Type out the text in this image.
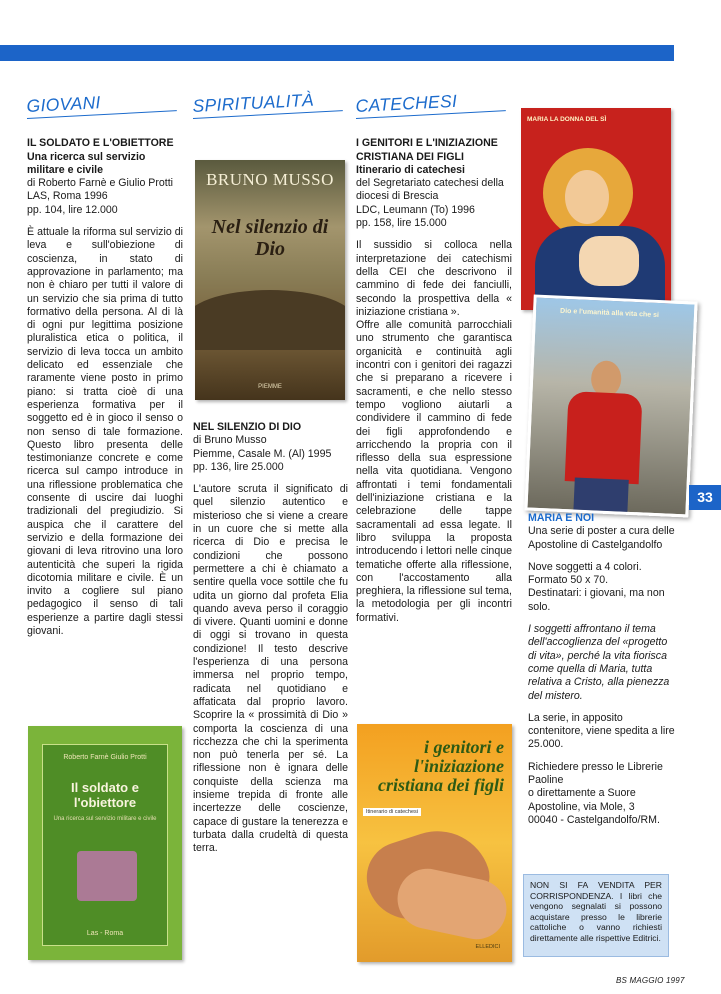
GIOVANI
IL SOLDATO E L'OBIETTORE
Una ricerca sul servizio militare e civile
di Roberto Farnè e Giulio Protti
LAS, Roma 1996
pp. 104, lire 12.000

È attuale la riforma sul servizio di leva e sull'obiezione di coscienza, in stato di approvazione in parlamento; ma non è chiaro per tutti il valore di un servizio che sia prima di tutto formativo della persona. Al di là di ogni pur legittima posizione pluralistica etica o politica, il servizio di leva tocca un ambito delicato ed essenziale che raramente viene posto in primo piano: si tratta cioè di una esperienza formativa per il soggetto ed è in gioco il senso o non senso di tale formazione. Questo libro presenta delle testimonianze concrete e come ricerca sul campo introduce in una riflessione problematica che consente di uscire dai luoghi tradizionali del pregiudizio. Si auspica che il carattere del servizio e della formazione dei giovani di leva ritrovino una loro autenticità che superi la rigida dicotomia militare e civile. È un invito a cogliere sul piano pedagogico il senso di tali esperienze a partire dagli stessi giovani.

Roberto Farnè Giulio Protti
Il soldato e l'obiettore
Una ricerca sul servizio militare e civile
Las - Roma
SPIRITUALITÀ
BRUNO MUSSO
Nel silenzio di Dio
PIEMME
NEL SILENZIO DI DIO
di Bruno Musso
Piemme, Casale M. (Al) 1995
pp. 136, lire 25.000

L'autore scruta il significato di quel silenzio autentico e misterioso che si viene a creare in un cuore che si mette alla ricerca di Dio e precisa le condizioni che possono permettere a chi è chiamato a sentire quella voce sottile che fu udita un giorno dal profeta Elia quando aveva perso il coraggio di vivere. Quanti uomini e donne di oggi si trovano in questa condizione! Il testo descrive l'esperienza di una persona immersa nel proprio tempo, radicata nel quotidiano e affaticata dal proprio lavoro. Scoprire la « prossimità di Dio » comporta la coscienza di una ricchezza che chi la sperimenta non può tenerla per sé. La riflessione non è ignara delle conquiste della scienza ma insieme trepida di fronte alle incertezze delle coscienze, capace di gustare la tenerezza e turbata dalla crudeltà di questa terra.

CATECHESI
I GENITORI E L'INIZIAZIONE CRISTIANA DEI FIGLI
Itinerario di catechesi
del Segretariato catechesi della diocesi di Brescia
LDC, Leumann (To) 1996
pp. 158, lire 15.000

Il sussidio si colloca nella interpretazione dei catechismi della CEI che descrivono il cammino di fede dei fanciulli, secondo la prospettiva della « iniziazione cristiana ».

Offre alle comunità parrocchiali uno strumento che garantisca organicità e continuità agli incontri con i genitori dei ragazzi che si preparano a ricevere i sacramenti, e che nello stesso tempo vogliono aiutarli a condividere il cammino di fede dei figli approfondendo e arricchendo la propria con il riflesso della sua espressione nella vita quotidiana. Vengono affrontati i temi fondamentali dell'iniziazione cristiana e la celebrazione delle tappe sacramentali ad essa legate. Il libro sviluppa la proposta introducendo i lettori nelle cinque tematiche offerte alla riflessione, con l'accostamento alla preghiera, la riflessione sul tema, la metodologia per gli incontri formativi.

i genitori e l'iniziazione cristiana dei figli
Itinerario di catechesi
ELLEDICI
MARIA LA DONNA DEL SÌ
Dio e l'umanità alla vita che si
33
MARIA E NOI

Una serie di poster a cura delle Apostoline di Castelgandolfo

Nove soggetti a 4 colori.
Formato 50 x 70.

Destinatari: i giovani, ma non solo.

I soggetti affrontano il tema dell'accoglienza del «progetto di vita», perché la vita fiorisca come quella di Maria, tutta relativa a Cristo, alla pienezza del mistero.

La serie, in apposito contenitore, viene spedita a lire 25.000.

Richiedere presso le Librerie Paoline
o direttamente a Suore Apostoline, via Mole, 3
00040 - Castelgandolfo/RM.
NON SI FA VENDITA PER CORRISPONDENZA. I libri che vengono segnalati si possono acquistare presso le librerie cattoliche o vanno richiesti direttamente alle rispettive Editrici.
BS MAGGIO 1997
